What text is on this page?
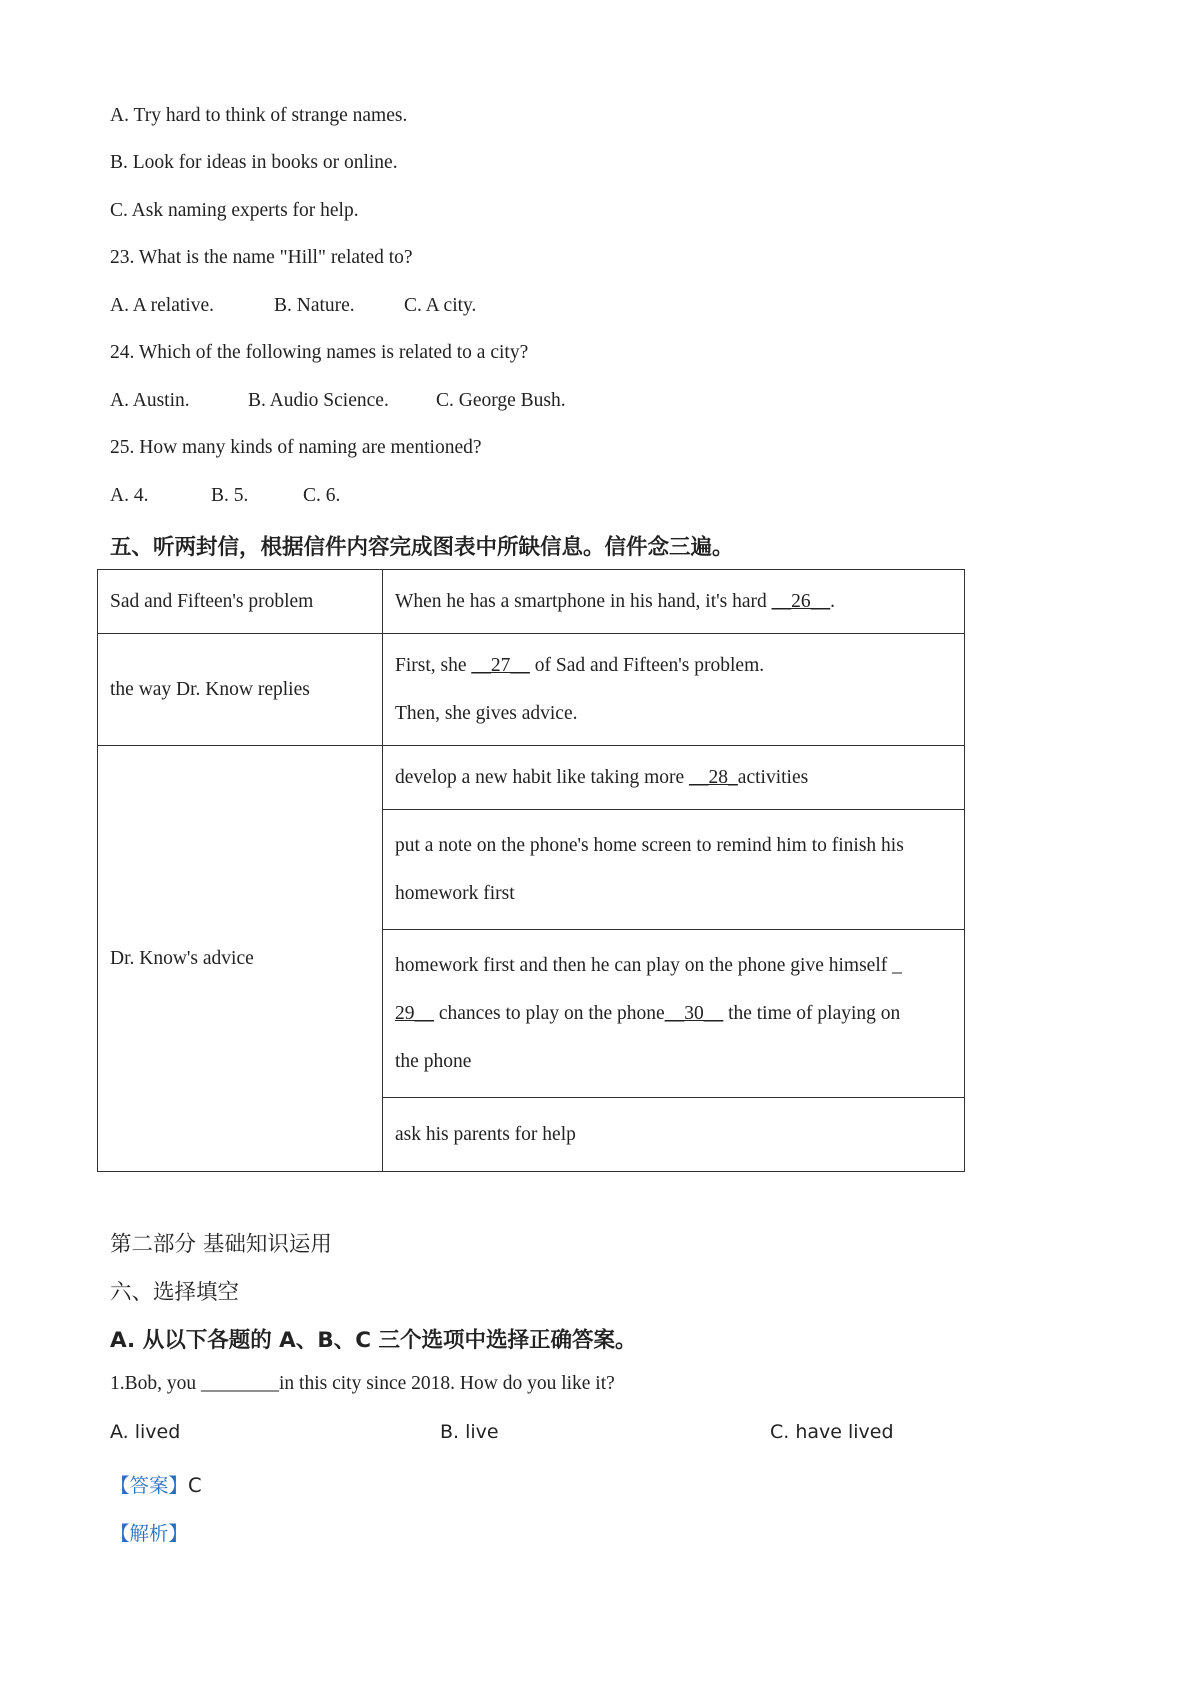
A. Try hard to think of strange names.
B. Look for ideas in books or online.
C. Ask naming experts for help.
23. What is the name "Hill" related to?
A. A relative.	B. Nature.	C. A city.
24. Which of the following names is related to a city?
A. Austin.	B. Audio Science. C. George Bush.
25. How many kinds of naming are mentioned?
A. 4.	B. 5.	C. 6.
五、听两封信，根据信件内容完成图表中所缺信息。信件念三遍。
Sad and Fifteen's problem	When he has a smartphone in his hand, it's hard __26__.
the way Dr. Know replies	First, she __27__ of Sad and Fifteen's problem.
Then, she gives advice.

Dr. Know's advice	develop a new habit like taking more __28_activities
	put a note on the phone's home screen to remind him to finish his homework first

	homework first and then he can play on the phone give himself _
29__ chances to play on the phone__30__ the time of playing on
the phone

	ask his parents for help
第二部分 基础知识运用
六、选择填空
A. 从以下各题的 A、B、C 三个选项中选择正确答案。
1.Bob, you ________in this city since 2018. How do you like it?
A. lived	B. live	C. have lived
【答案】C
【解析】
